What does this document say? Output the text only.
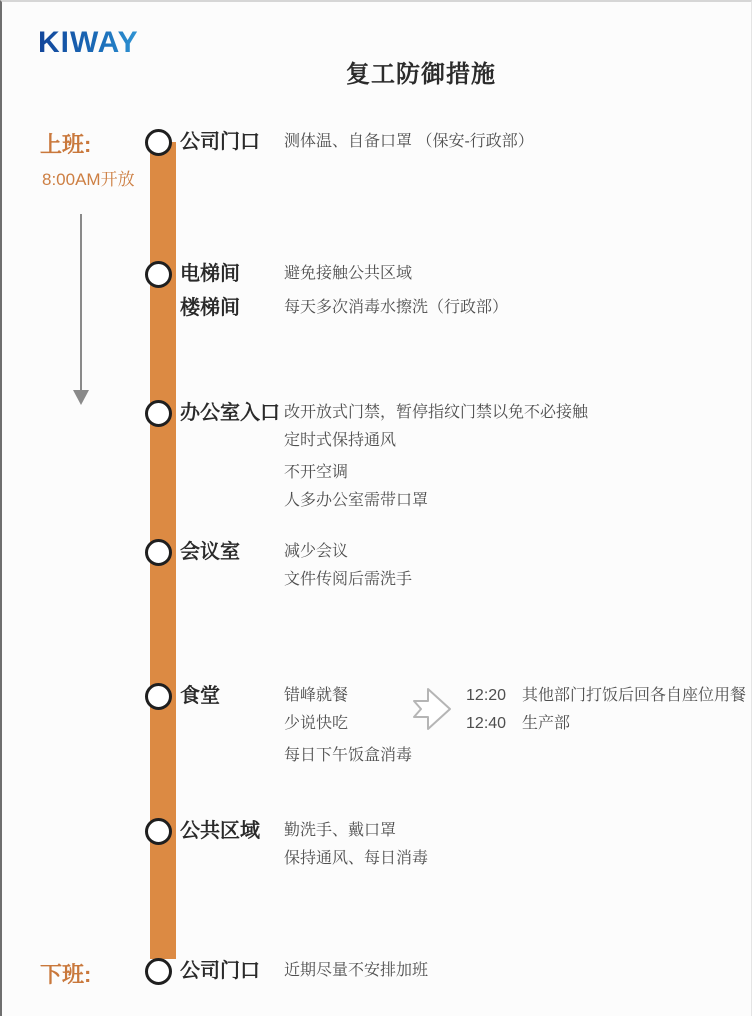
KIWAY
复工防御措施
上班:
8:00AM开放
下班:
公司门口	测体温、自备口罩 （保安-行政部）
电梯间	避免接触公共区域
楼梯间	每天多次消毒水擦洗（行政部）
办公室入口 改开放式门禁，暂停指纹门禁以免不必接触
定时式保持通风
不开空调
人多办公室需带口罩
会议室	减少会议
文件传阅后需洗手
食堂	错峰就餐
少说快吃
每日下午饭盒消毒
12:20 其他部门打饭后回各自座位用餐
12:40 生产部
公共区域	勤洗手、戴口罩
保持通风、每日消毒
公司门口	近期尽量不安排加班
